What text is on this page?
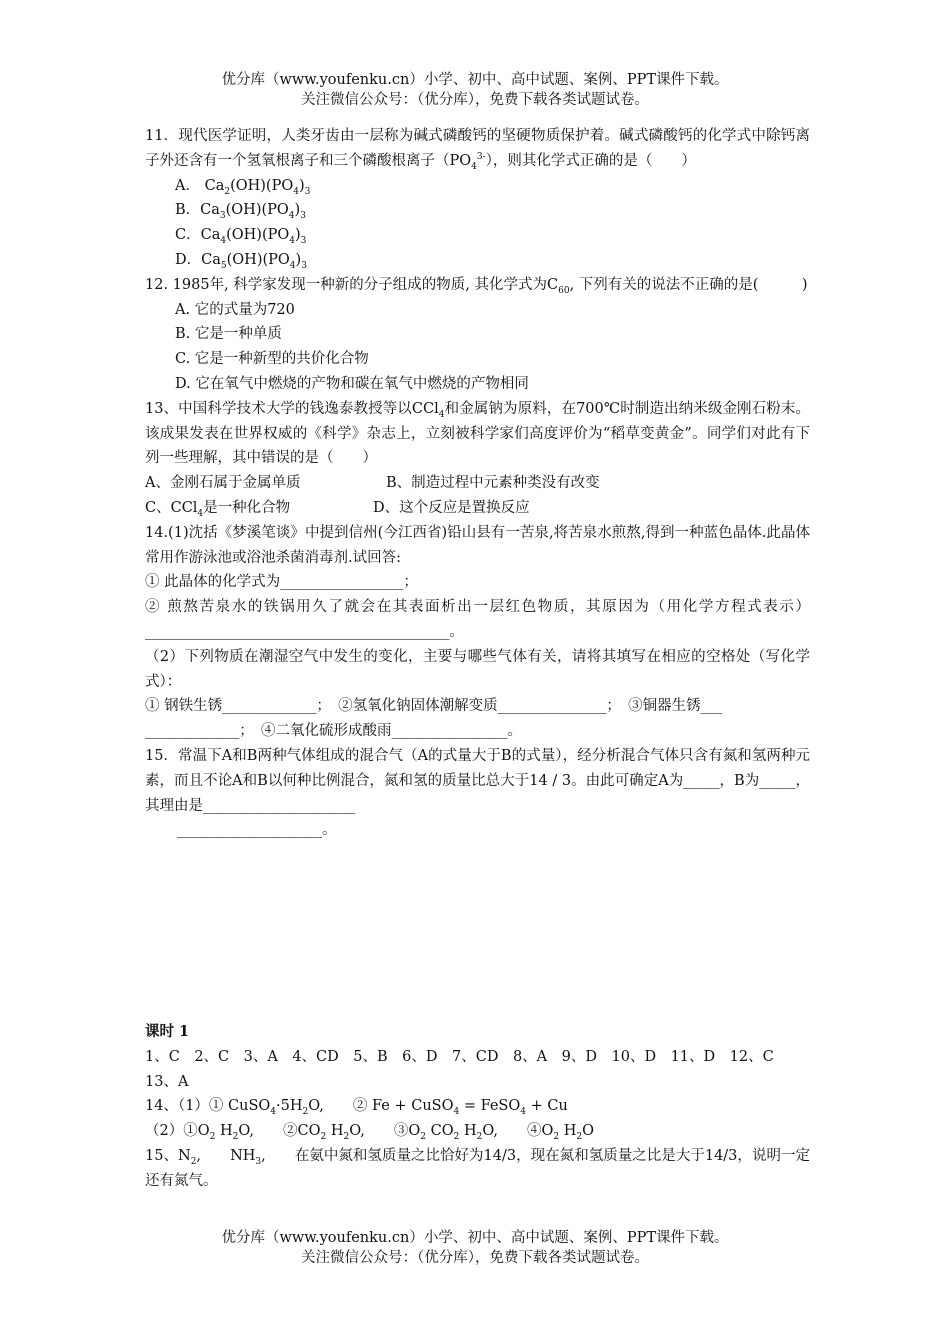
优分库（www.youfenku.cn）小学、初中、高中试题、案例、PPT课件下载。
关注微信公众号：（优分库），免费下载各类试题试卷。
11．现代医学证明，人类牙齿由一层称为碱式磷酸钙的坚硬物质保护着。碱式磷酸钙的化学式中除钙离子外还含有一个氢氧根离子和三个磷酸根离子$(PO_4^{3-})$，则其化学式正确的是（　　）
A． $Ca_2(OH)(PO_4)_3$
B．$Ca_3(OH)(PO_4)_3$
C．$Ca_4(OH)(PO_4)_3$
D．$Ca_5(OH)(PO_4)_3$
12. 1985年, 科学家发现一种新的分子组成的物质, 其化学式为$C_{60}$, 下列有关的说法不正确的是(　　　)
A. 它的式量为720
B. 它是一种单质
C. 它是一种新型的共价化合物
D. 它在氧气中燃烧的产物和碳在氧气中燃烧的产物相同
13、中国科学技术大学的钱逸泰教授等以CCl$_4$和金属钠为原料，在700℃时制造出纳米级金刚石粉末。该成果发表在世界权威的《科学》杂志上，立刻被科学家们高度评价为“稻草变黄金”。同学们对此有下列一些理解，其中错误的是（　　）
A、金刚石属于金属单质	B、制造过程中元素种类没有改变
C、CCl$_4$是一种化合物	D、这个反应是置换反应
14.(1)沈括《梦溪笔谈》中提到信州(今江西省)铅山县有一苦泉,将苦泉水煎熬,得到一种蓝色晶体.此晶体常用作游泳池或浴池杀菌消毒剂.试回答:
① 此晶体的化学式为_________________；
② 煎熬苦泉水的铁锅用久了就会在其表面析出一层红色物质，其原因为（用化学方程式表示）__________________________________________。
（2）下列物质在潮湿空气中发生的变化，主要与哪些气体有关，请将其填写在相应的空格处（写化学式）：
① 钢铁生锈_____________；　②氢氧化钠固体潮解变质_______________；　③铜器生锈___
_____________；　④二氧化硫形成酸雨________________。
15．常温下A和B两种气体组成的混合气（A的式量大于B的式量），经分析混合气体只含有氮和氢两种元素，而且不论A和B以何种比例混合，氮和氢的质量比总大于14 / 3。由此可确定A为_____，B为_____，其理由是_____________________
____________________。
课时 1
1、C　2、C　3、A　4、CD　5、B　6、D　7、CD　8、A　9、D　10、D　11、D　12、C
13、A
14、（1）① $CuSO_4\cdot 5H_2O$,　　② Fe + CuSO$_4$ = FeSO$_4$ + Cu
$(2)①O_2$ $H_2O$,　　$②CO_2$ $H_2O$,　　$③O_2$ $CO_2$ $H_2O$,　　$④O_2$ $H_2O$
15、$N_2$,　　$NH_3$,　　在氨中氮和氢质量之比恰好为14/3，现在氮和氢质量之比是大于14/3，说明一定还有氮气。
优分库（www.youfenku.cn）小学、初中、高中试题、案例、PPT课件下载。
关注微信公众号：（优分库），免费下载各类试题试卷。
